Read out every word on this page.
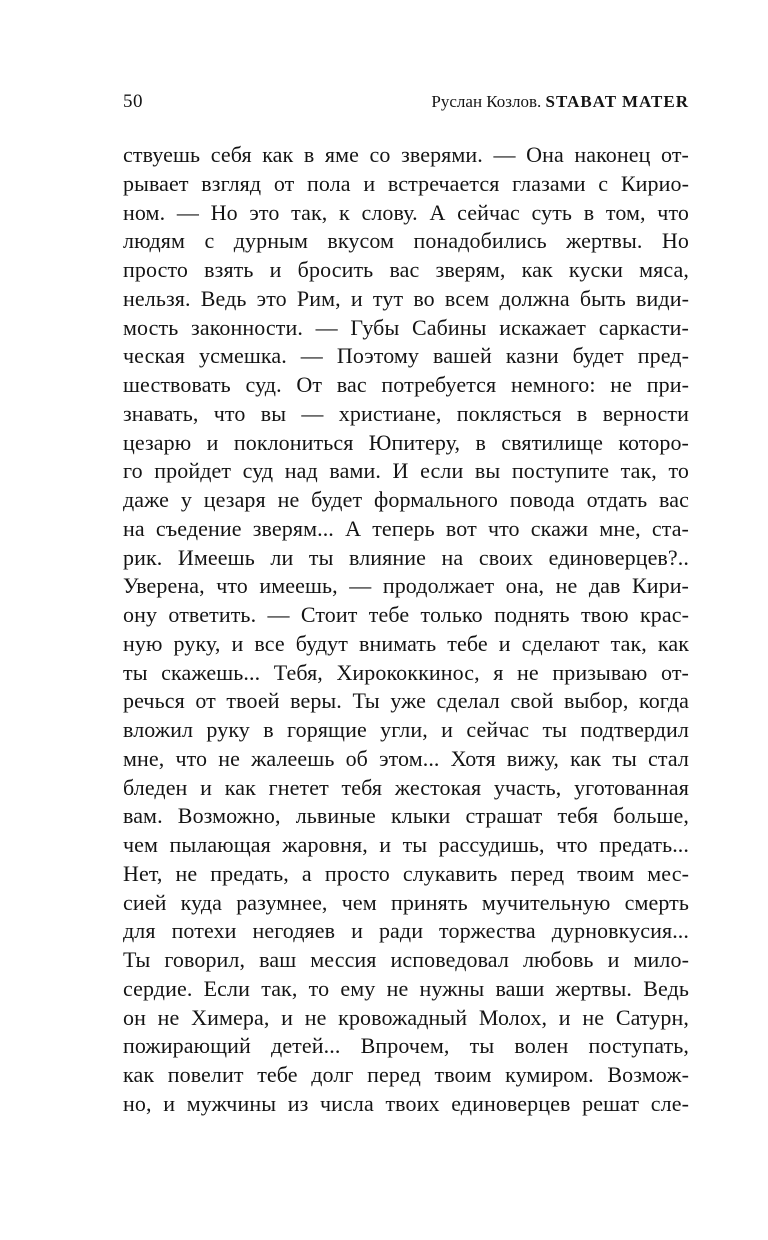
50	Руслан Козлов. STABAT MATER
ствуешь себя как в яме со зверями. — Она наконец от-
рывает взгляд от пола и встречается глазами с Кирио-
ном. — Но это так, к слову. А сейчас суть в том, что
людям с дурным вкусом понадобились жертвы. Но
просто взять и бросить вас зверям, как куски мяса,
нельзя. Ведь это Рим, и тут во всем должна быть види-
мость законности. — Губы Сабины искажает саркасти-
ческая усмешка. — Поэтому вашей казни будет пред-
шествовать суд. От вас потребуется немного: не при-
знавать, что вы — христиане, поклясться в верности
цезарю и поклониться Юпитеру, в святилище которо-
го пройдет суд над вами. И если вы поступите так, то
даже у цезаря не будет формального повода отдать вас
на съедение зверям... А теперь вот что скажи мне, ста-
рик. Имеешь ли ты влияние на своих единоверцев?..
Уверена, что имеешь, — продолжает она, не дав Кири-
ону ответить. — Стоит тебе только поднять твою крас-
ную руку, и все будут внимать тебе и сделают так, как
ты скажешь... Тебя, Хирококкинос, я не призываю от-
речься от твоей веры. Ты уже сделал свой выбор, когда
вложил руку в горящие угли, и сейчас ты подтвердил
мне, что не жалеешь об этом... Хотя вижу, как ты стал
бледен и как гнетет тебя жестокая участь, уготованная
вам. Возможно, львиные клыки страшат тебя больше,
чем пылающая жаровня, и ты рассудишь, что предать...
Нет, не предать, а просто слукавить перед твоим мес-
сией куда разумнее, чем принять мучительную смерть
для потехи негодяев и ради торжества дурновкусия...
Ты говорил, ваш мессия исповедовал любовь и мило-
сердие. Если так, то ему не нужны ваши жертвы. Ведь
он не Химера, и не кровожадный Молох, и не Сатурн,
пожирающий детей... Впрочем, ты волен поступать,
как повелит тебе долг перед твоим кумиром. Возмож-
но, и мужчины из числа твоих единоверцев решат сле-
